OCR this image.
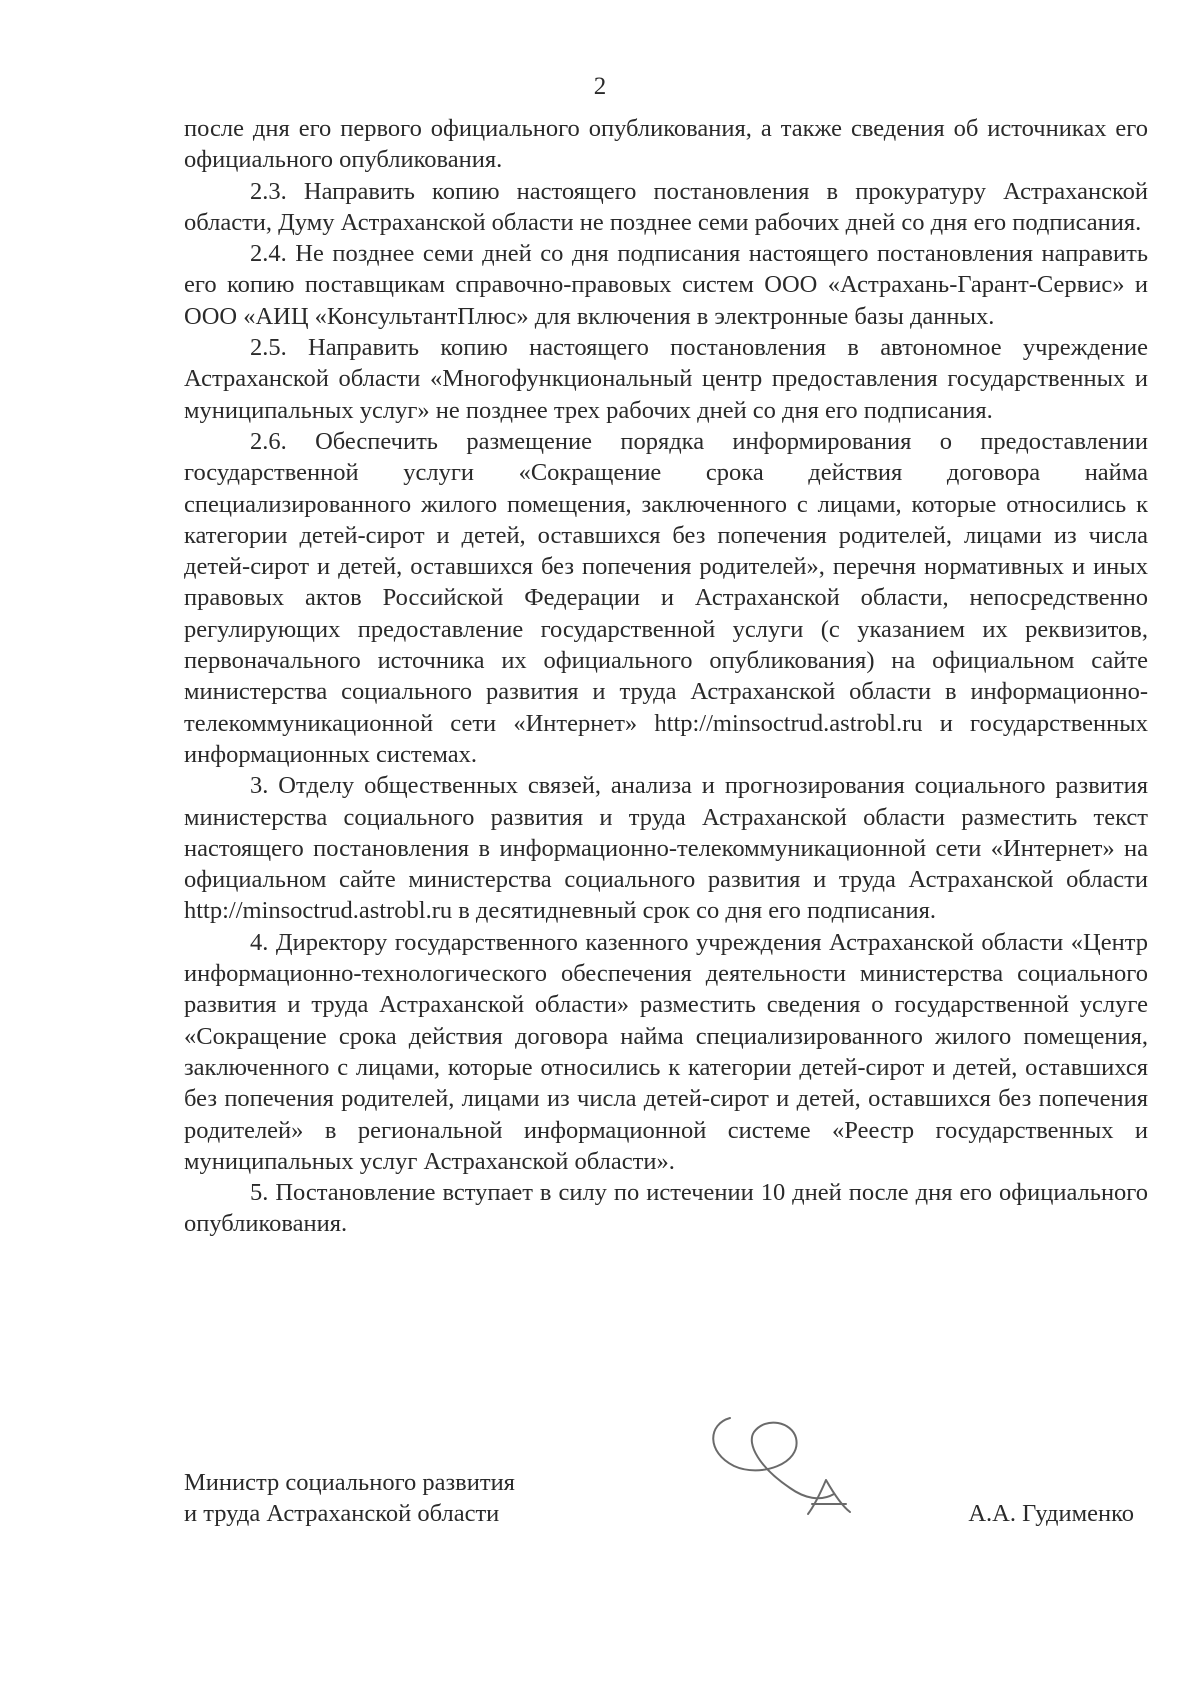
2

после дня его первого официального опубликования, а также сведения об источниках его официального опубликования.

2.3. Направить копию настоящего постановления в прокуратуру Астраханской области, Думу Астраханской области не позднее семи рабочих дней со дня его подписания.

2.4. Не позднее семи дней со дня подписания настоящего постановления направить его копию поставщикам справочно-правовых систем ООО «Астрахань-Гарант-Сервис» и ООО «АИЦ «КонсультантПлюс» для включения в электронные базы данных.

2.5. Направить копию настоящего постановления в автономное учреждение Астраханской области «Многофункциональный центр предоставления государственных и муниципальных услуг» не позднее трех рабочих дней со дня его подписания.

2.6. Обеспечить размещение порядка информирования о предоставлении государственной услуги «Сокращение срока действия договора найма специализированного жилого помещения, заключенного с лицами, которые относились к категории детей-сирот и детей, оставшихся без попечения родителей, лицами из числа детей-сирот и детей, оставшихся без попечения родителей», перечня нормативных и иных правовых актов Российской Федерации и Астраханской области, непосредственно регулирующих предоставление государственной услуги (с указанием их реквизитов, первоначального источника их официального опубликования) на официальном сайте министерства социального развития и труда Астраханской области в информационно-телекоммуникационной сети «Интернет» http://minsoctrud.astrobl.ru и государственных информационных системах.

3. Отделу общественных связей, анализа и прогнозирования социального развития министерства социального развития и труда Астраханской области разместить текст настоящего постановления в информационно-телекоммуникационной сети «Интернет» на официальном сайте министерства социального развития и труда Астраханской области http://minsoctrud.astrobl.ru в десятидневный срок со дня его подписания.

4. Директору государственного казенного учреждения Астраханской области «Центр информационно-технологического обеспечения деятельности министерства социального развития и труда Астраханской области» разместить сведения о государственной услуге «Сокращение срока действия договора найма специализированного жилого помещения, заключенного с лицами, которые относились к категории детей-сирот и детей, оставшихся без попечения родителей, лицами из числа детей-сирот и детей, оставшихся без попечения родителей» в региональной информационной системе «Реестр государственных и муниципальных услуг Астраханской области».

5. Постановление вступает в силу по истечении 10 дней после дня его официального опубликования.

Министр социального развития
и труда Астраханской области	А.А. Гудименко
